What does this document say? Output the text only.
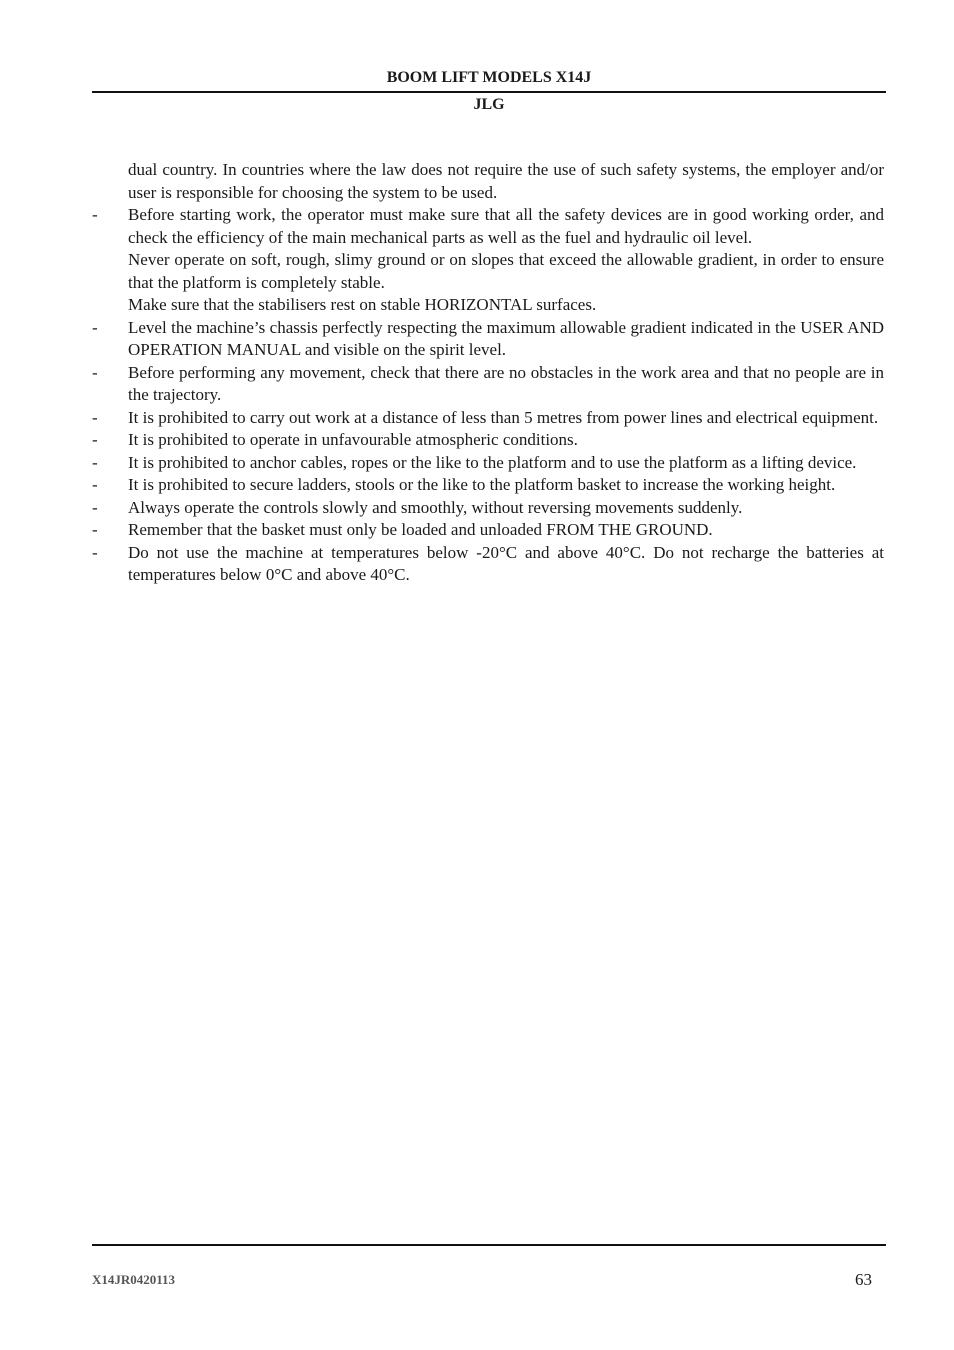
BOOM LIFT MODELS X14J
JLG
dual country. In countries where the law does not require the use of such safety systems, the employer and/or user is responsible for choosing the system to be used.
-	Before starting work, the operator must make sure that all the safety devices are in good working order, and check the efficiency of the main mechanical parts as well as the fuel and hydraulic oil level.
Never operate on soft, rough, slimy ground or on slopes that exceed the allowable gradient, in order to ensure that the platform is completely stable.
Make sure that the stabilisers rest on stable HORIZONTAL surfaces.
-	Level the machine’s chassis perfectly respecting the maximum allowable gradient indicated in the USER AND OPERATION MANUAL and visible on the spirit level.
-	Before performing any movement, check that there are no obstacles in the work area and that no people are in the trajectory.
-	It is prohibited to carry out work at a distance of less than 5 metres from power lines and electrical equipment.
-	It is prohibited to operate in unfavourable atmospheric conditions.
-	It is prohibited to anchor cables, ropes or the like to the platform and to use the platform as a lifting device.
-	It is prohibited to secure ladders, stools or the like to the platform basket to increase the working height.
-	Always operate the controls slowly and smoothly, without reversing movements suddenly.
-	Remember that the basket must only be loaded and unloaded FROM THE GROUND.
-	Do not use the machine at temperatures below -20°C and above 40°C. Do not recharge the batteries at temperatures below 0°C and above 40°C.
X14JR0420113	63
